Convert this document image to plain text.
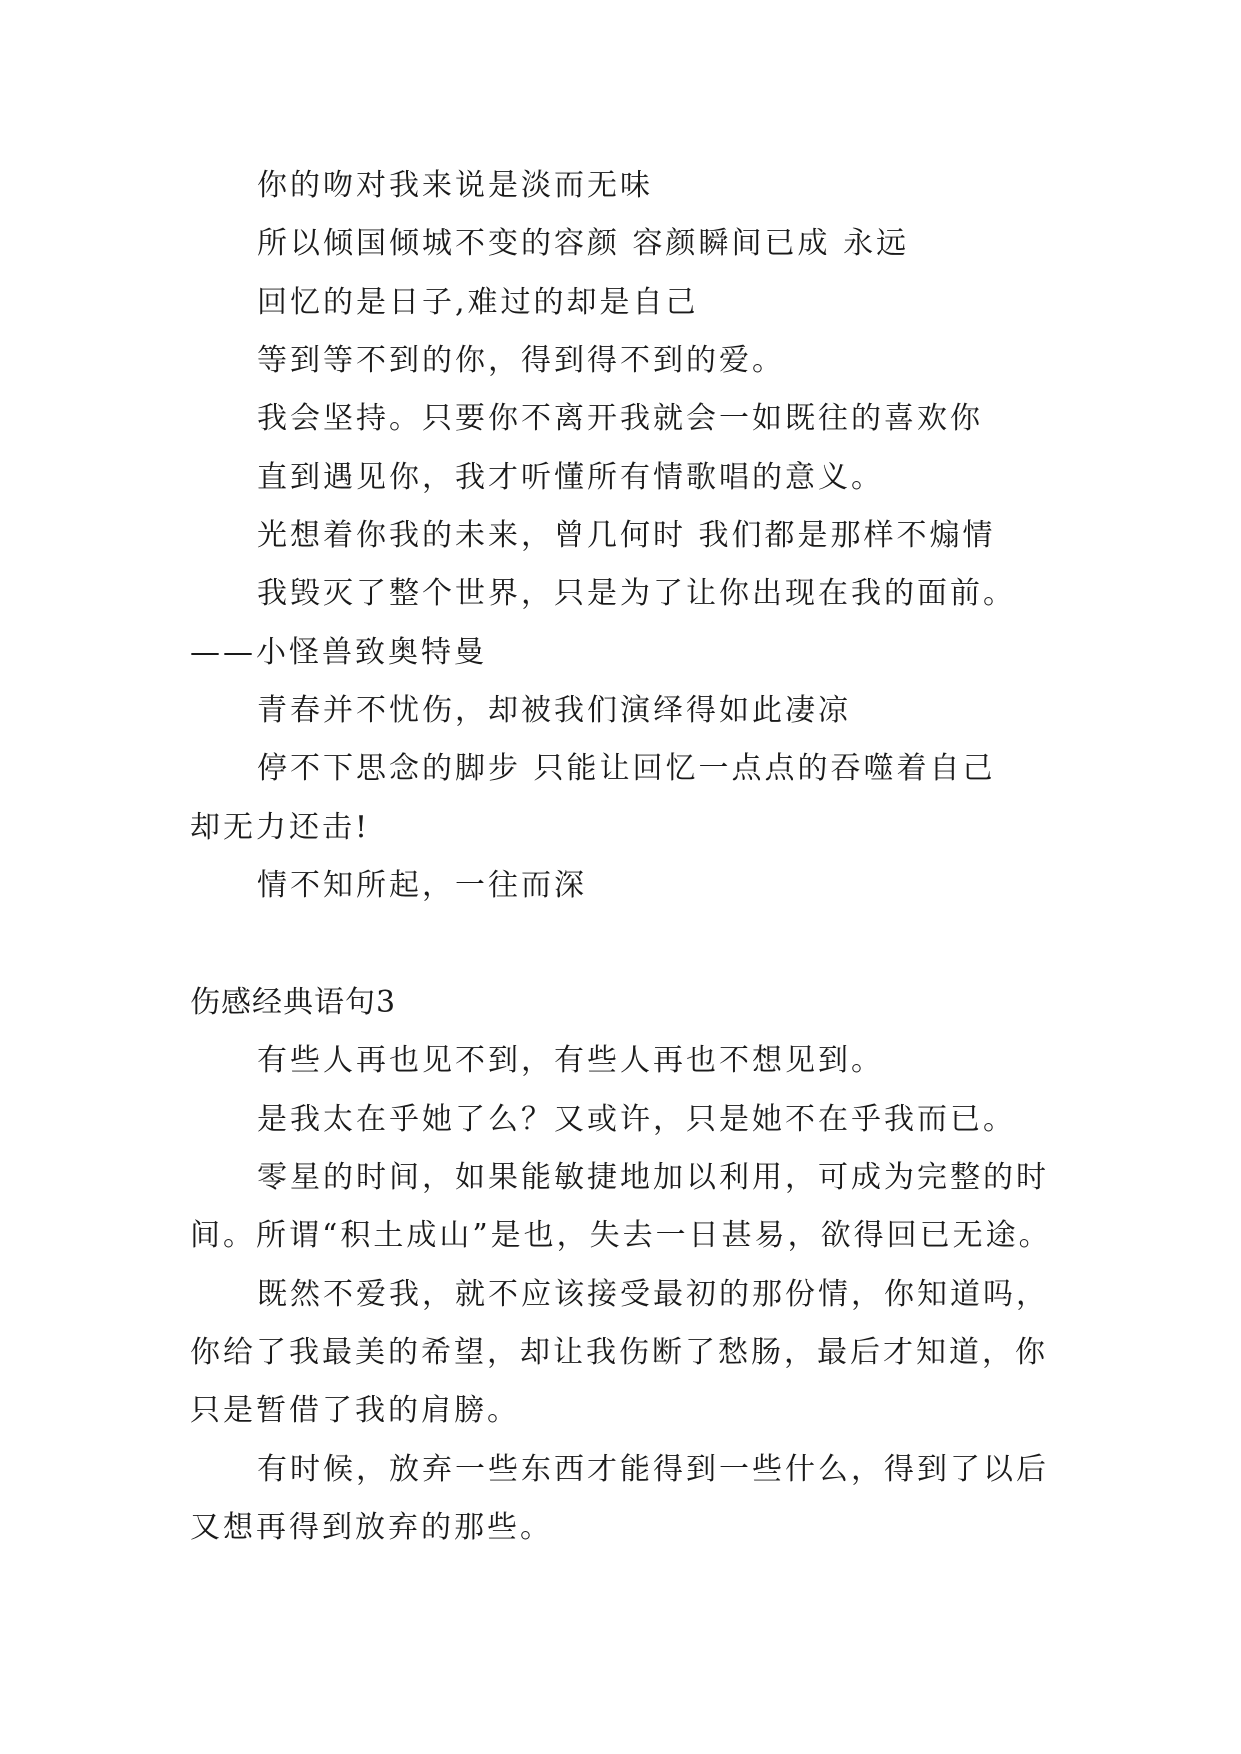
你的吻对我来说是淡而无味
所以倾国倾城不变的容颜 容颜瞬间已成 永远
回忆的是日子,难过的却是自己
等到等不到的你，得到得不到的爱。
我会坚持。只要你不离开我就会一如既往的喜欢你
直到遇见你，我才听懂所有情歌唱的意义。
光想着你我的未来，曾几何时 我们都是那样不煽情
我毁灭了整个世界，只是为了让你出现在我的面前。
——小怪兽致奥特曼
青春并不忧伤，却被我们演绎得如此凄凉
停不下思念的脚步 只能让回忆一点点的吞噬着自己
却无力还击!
情不知所起，一往而深
伤感经典语句3
有些人再也见不到，有些人再也不想见到。
是我太在乎她了么？又或许，只是她不在乎我而已。
零星的时间，如果能敏捷地加以利用，可成为完整的时
间。所谓“积土成山”是也，失去一日甚易，欲得回已无途。
既然不爱我，就不应该接受最初的那份情，你知道吗，
你给了我最美的希望，却让我伤断了愁肠，最后才知道，你
只是暂借了我的肩膀。
有时候，放弃一些东西才能得到一些什么，得到了以后
又想再得到放弃的那些。
